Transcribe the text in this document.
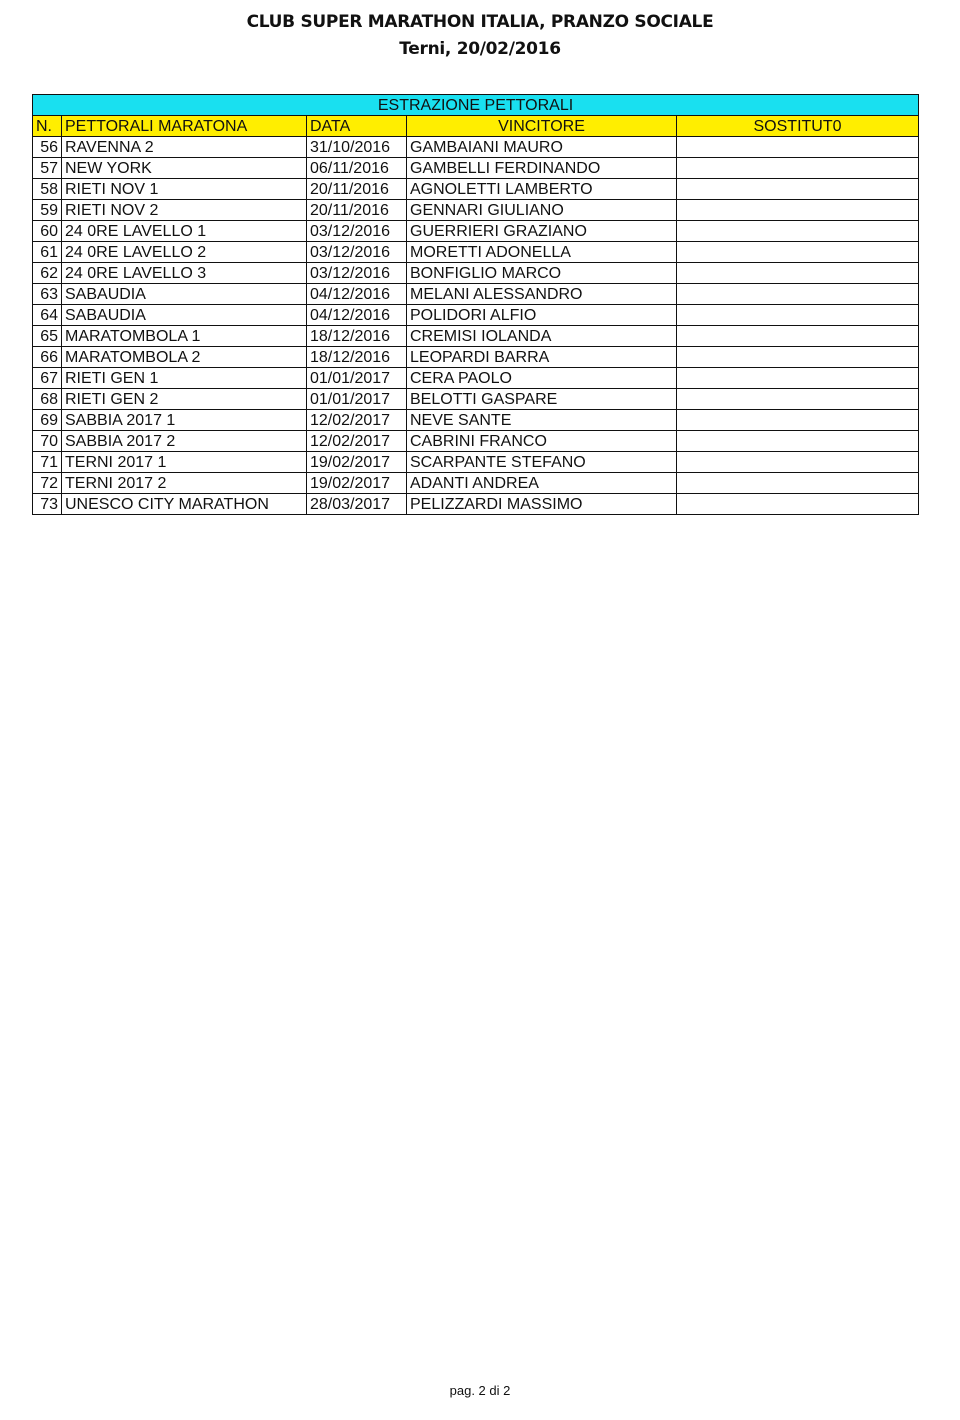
CLUB SUPER MARATHON ITALIA, PRANZO SOCIALE
Terni, 20/02/2016
ESTRAZIONE PETTORALI				
N.	PETTORALI MARATONA	DATA	VINCITORE	SOSTITUT0
56	RAVENNA 2	31/10/2016	GAMBAIANI MAURO	
57	NEW YORK	06/11/2016	GAMBELLI FERDINANDO	
58	RIETI NOV 1	20/11/2016	AGNOLETTI LAMBERTO	
59	RIETI NOV 2	20/11/2016	GENNARI GIULIANO	
60	24 0RE LAVELLO 1	03/12/2016	GUERRIERI GRAZIANO	
61	24 0RE LAVELLO 2	03/12/2016	MORETTI ADONELLA	
62	24 0RE LAVELLO 3	03/12/2016	BONFIGLIO MARCO	
63	SABAUDIA	04/12/2016	MELANI ALESSANDRO	
64	SABAUDIA	04/12/2016	POLIDORI ALFIO	
65	MARATOMBOLA 1	18/12/2016	CREMISI IOLANDA	
66	MARATOMBOLA 2	18/12/2016	LEOPARDI BARRA	
67	RIETI GEN 1	01/01/2017	CERA PAOLO	
68	RIETI GEN 2	01/01/2017	BELOTTI GASPARE	
69	SABBIA 2017 1	12/02/2017	NEVE SANTE	
70	SABBIA 2017 2	12/02/2017	CABRINI FRANCO	
71	TERNI 2017 1	19/02/2017	SCARPANTE STEFANO	
72	TERNI 2017 2	19/02/2017	ADANTI ANDREA	
73	UNESCO CITY MARATHON	28/03/2017	PELIZZARDI MASSIMO	
pag. 2 di 2
